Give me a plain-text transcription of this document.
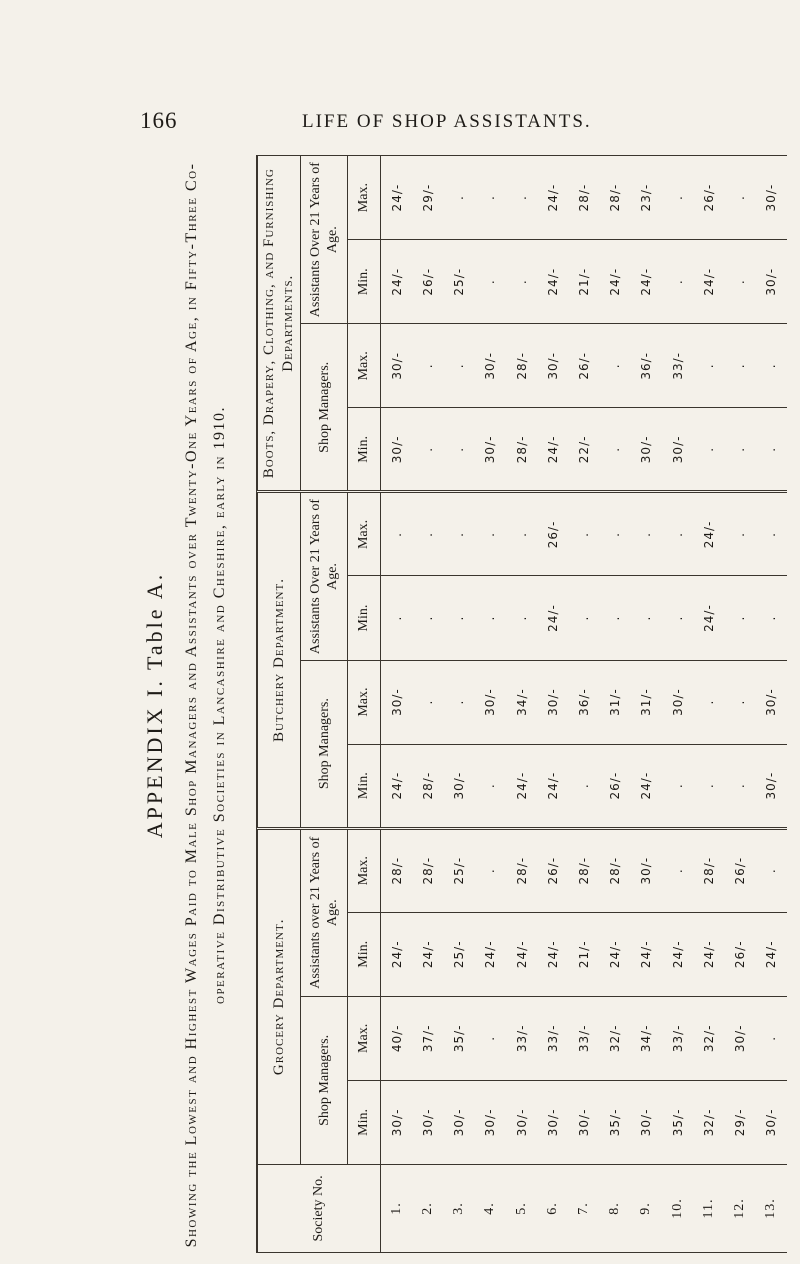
166	LIFE OF SHOP ASSISTANTS.
APPENDIX I. Table A.	Showing the Lowest and Highest Wages Paid to Male Shop Managers and Assistants over Twenty-One Years of Age, in Fifty-Three Co-operative Distributive Societies in Lancashire and Cheshire, early in 1910.
Society No.	Grocery Department.				Butchery Department.				Boots, Drapery, Clothing, and Furnishing Departments.			
	Shop Managers.		Assistants over 21 Years of Age.		Shop Managers.		Assistants Over 21 Years of Age.		Shop Managers.		Assistants Over 21 Years of Age.	
	Min.	Max.	Min.	Max.	Min.	Max.	Min.	Max.	Min.	Max.	Min.	Max.
1.	30/-	40/-	24/-	28/-	24/-	30/-	.	.	30/-	30/-	24/-	24/-
2.	30/-	37/-	24/-	28/-	28/-	.	.	.	.	.	26/-	29/-
3.	30/-	35/-	25/-	25/-	30/-	.	.	.	.	.	25/-	.
4.	30/-	.	24/-	.	.	30/-	.	.	30/-	30/-	.	.
5.	30/-	33/-	24/-	28/-	24/-	34/-	.	.	28/-	28/-	.	.
6.	30/-	33/-	24/-	26/-	24/-	30/-	24/-	26/-	24/-	30/-	24/-	24/-
7.	30/-	33/-	21/-	28/-	.	36/-	.	.	22/-	26/-	21/-	28/-
8.	35/-	32/-	24/-	28/-	26/-	31/-	.	.	.	.	24/-	28/-
9.	30/-	34/-	24/-	30/-	24/-	31/-	.	.	30/-	36/-	24/-	23/-
10.	35/-	33/-	24/-	.	.	30/-	.	.	30/-	33/-	.	.
11.	32/-	32/-	24/-	28/-	.	.	24/-	24/-	.	.	24/-	26/-
12.	29/-	30/-	26/-	26/-	.	.	.	.	.	.	.	.
13.	30/-	.	24/-	.	30/-	30/-	.	.	.	.	30/-	30/-
